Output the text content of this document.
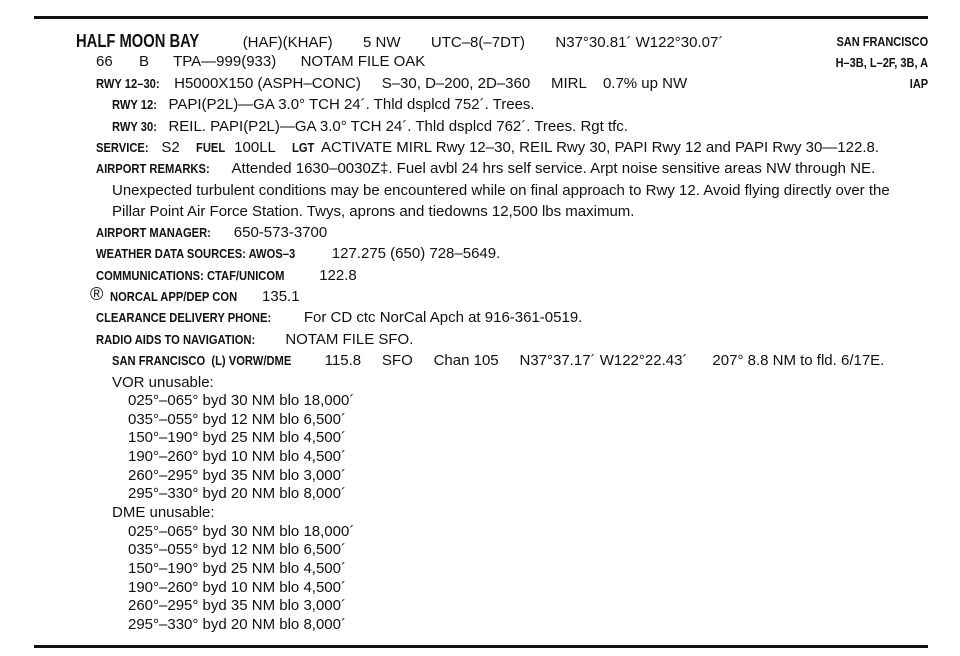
HALF MOON BAY	(HAF)(KHAF) 5 NW UTC–8(–7DT) N37°30.81´ W122°30.07´	SAN FRANCISCO
H–3B, L–2F, 3B, A
IAP
66 B TPA—999(933) NOTAM FILE OAK
RWY 12–30: H5000X150 (ASPH–CONC)     S–30, D–200, 2D–360     MIRL    0.7% up NW
RWY 12: PAPI(P2L)—GA 3.0° TCH 24´. Thld dsplcd 752´. Trees.
RWY 30: REIL. PAPI(P2L)—GA 3.0° TCH 24´. Thld dsplcd 762´. Trees. Rgt tfc.
SERVICE: S2 FUEL 100LL LGT ACTIVATE MIRL Rwy 12–30, REIL Rwy 30, PAPI Rwy 12 and PAPI Rwy 30—122.8.
AIRPORT REMARKS: Attended 1630–0030Z‡. Fuel avbl 24 hrs self service. Arpt noise sensitive areas NW through NE.
Unexpected turbulent conditions may be encountered while on final approach to Rwy 12. Avoid flying directly over the
Pillar Point Air Force Station. Twys, aprons and tiedowns 12,500 lbs maximum.
AIRPORT MANAGER: 650-573-3700
WEATHER DATA SOURCES: AWOS–3 127.275 (650) 728–5649.
COMMUNICATIONS: CTAF/UNICOM 122.8
® NORCAL APP/DEP CON 135.1
CLEARANCE DELIVERY PHONE: For CD ctc NorCal Apch at 916-361-0519.
RADIO AIDS TO NAVIGATION: NOTAM FILE SFO.
SAN FRANCISCO  (L) VORW/DME 115.8     SFO     Chan 105     N37°37.17´ W122°22.43´      207° 8.8 NM to fld. 6/17E.
VOR unusable:
025°–065° byd 30 NM blo 18,000´
035°–055° byd 12 NM blo 6,500´
150°–190° byd 25 NM blo 4,500´
190°–260° byd 10 NM blo 4,500´
260°–295° byd 35 NM blo 3,000´
295°–330° byd 20 NM blo 8,000´
DME unusable:
025°–065° byd 30 NM blo 18,000´
035°–055° byd 12 NM blo 6,500´
150°–190° byd 25 NM blo 4,500´
190°–260° byd 10 NM blo 4,500´
260°–295° byd 35 NM blo 3,000´
295°–330° byd 20 NM blo 8,000´
